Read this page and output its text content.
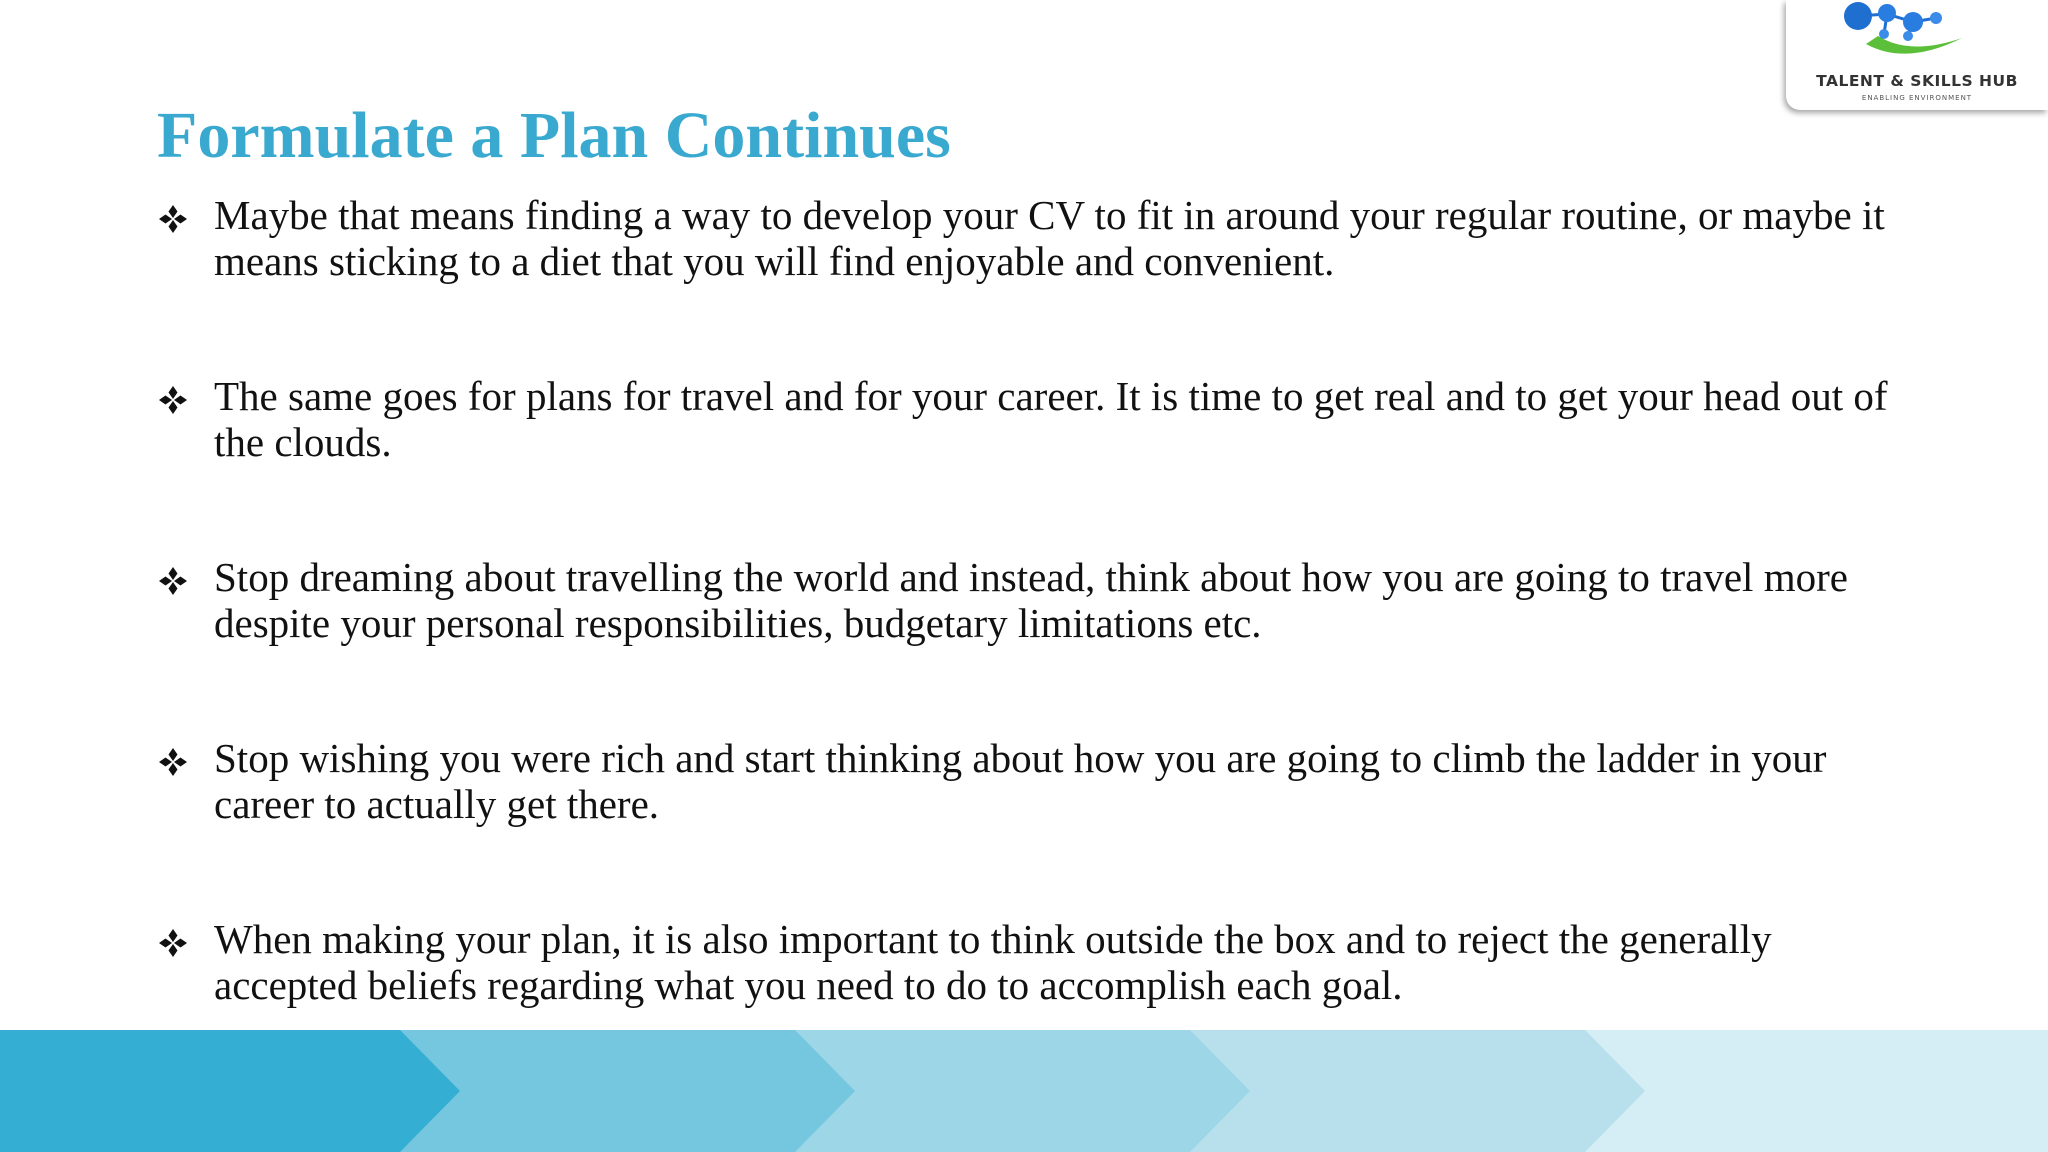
Formulate a Plan Continues
Maybe that means finding a way to develop your CV to fit in around your regular routine, or maybe it means sticking to a diet that you will find enjoyable and convenient.
The same goes for plans for travel and for your career. It is time to get real and to get your head out of the clouds.
Stop dreaming about travelling the world and instead, think about how you are going to travel more despite your personal responsibilities, budgetary limitations etc.
Stop wishing you were rich and start thinking about how you are going to climb the ladder in your career to actually get there.
When making your plan, it is also important to think outside the box and to reject the generally accepted beliefs regarding what you need to do to accomplish each goal.
TALENT & SKILLS HUB
ENABLING ENVIRONMENT
